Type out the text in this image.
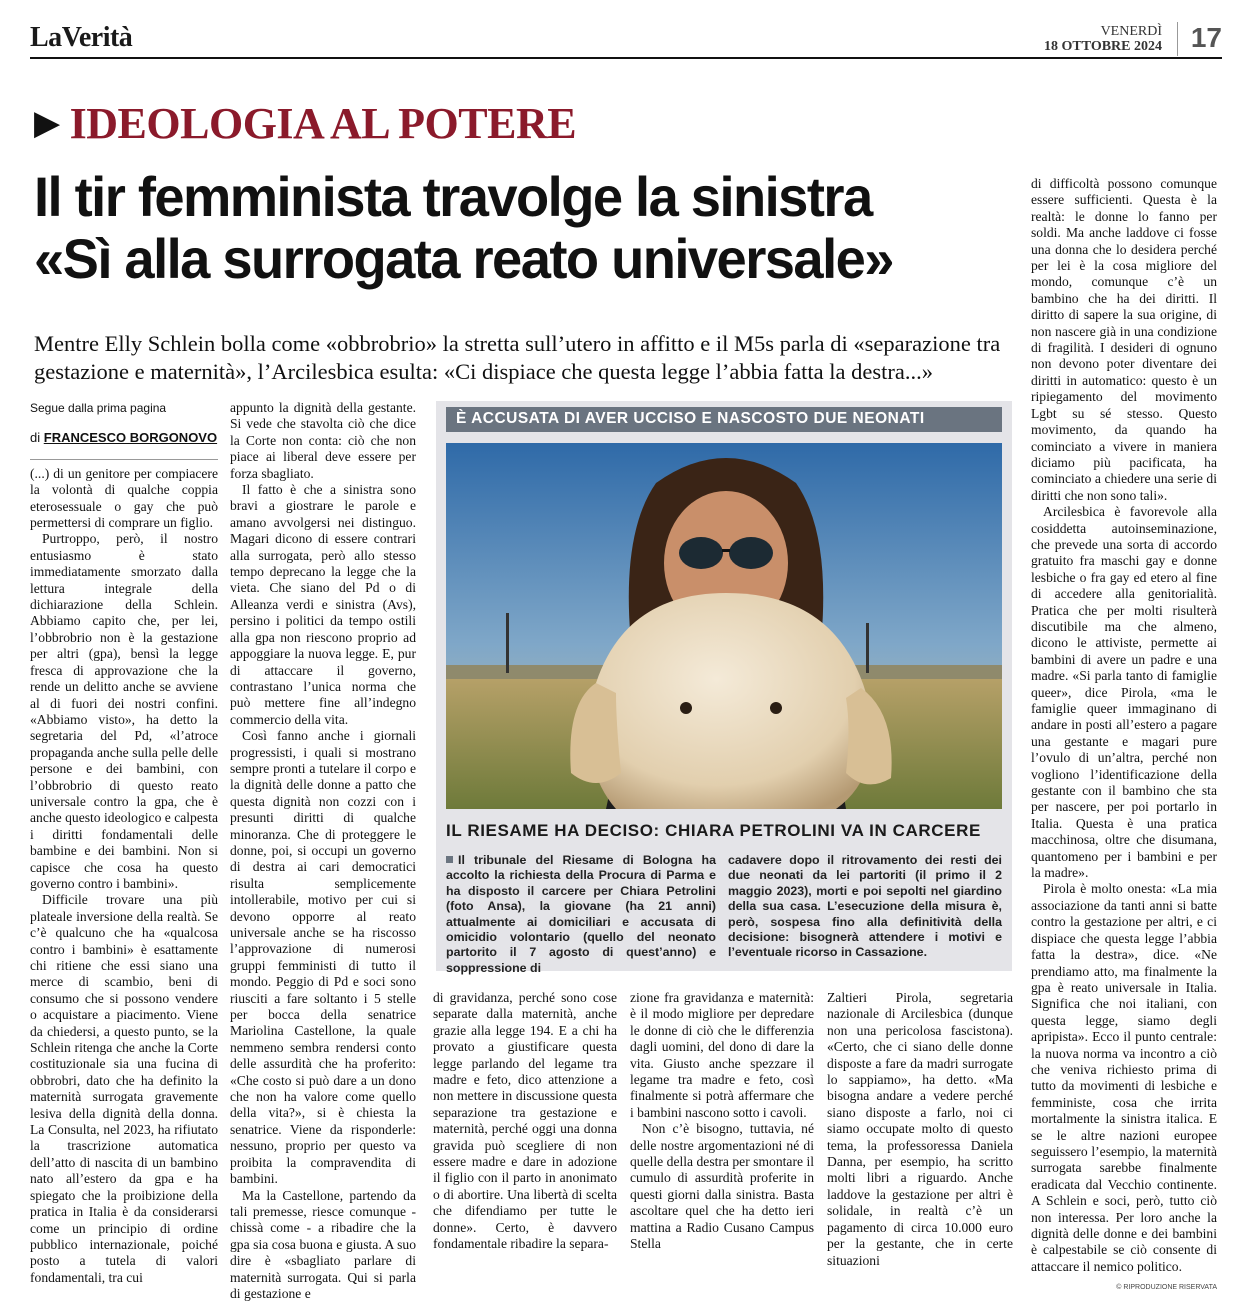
LaVerità	VENERDÌ
18 OTTOBRE 2024 17
▶ IDEOLOGIA AL POTERE
Il tir femminista travolge la sinistra
«Sì alla surrogata reato universale»
Mentre Elly Schlein bolla come «obbrobrio» la stretta sull’utero in affitto e il M5s parla di «separazione tra gestazione e maternità», l’Arcilesbica esulta: «Ci dispiace che questa legge l’abbia fatta la destra...»

Segue dalla prima pagina

di FRANCESCO BORGONOVO

(...) di un genitore per compiacere la volontà di qualche coppia eterosessuale o gay che può permettersi di comprare un figlio.

Purtroppo, però, il nostro entusiasmo è stato immediatamente smorzato dalla lettura integrale della dichiarazione della Schlein. Abbiamo capito che, per lei, l’obbrobrio non è la gestazione per altri (gpa), bensì la legge fresca di approvazione che la rende un delitto anche se avviene al di fuori dei nostri confini. «Abbiamo visto», ha detto la segretaria del Pd, «l’atroce propaganda anche sulla pelle delle persone e dei bambini, con l’obbrobrio di questo reato universale contro la gpa, che è anche questo ideologico e calpesta i diritti fondamentali delle bambine e dei bambini. Non si capisce che cosa ha questo governo contro i bambini».

Difficile trovare una più plateale inversione della realtà. Se c’è qualcuno che ha «qualcosa contro i bambini» è esattamente chi ritiene che essi siano una merce di scambio, beni di consumo che si possono vendere o acquistare a piacimento. Viene da chiedersi, a questo punto, se la Schlein ritenga che anche la Corte costituzionale sia una fucina di obbrobri, dato che ha definito la maternità surrogata gravemente lesiva della dignità della donna. La Consulta, nel 2023, ha rifiutato la trascrizione automatica dell’atto di nascita di un bambino nato all’estero da gpa e ha spiegato che la proibizione della pratica in Italia è da considerarsi come un principio di ordine pubblico internazionale, poiché posto a tutela di valori fondamentali, tra cui

appunto la dignità della gestante. Si vede che stavolta ciò che dice la Corte non conta: ciò che non piace ai liberal deve essere per forza sbagliato.

Il fatto è che a sinistra sono bravi a giostrare le parole e amano avvolgersi nei distinguo. Magari dicono di essere contrari alla surrogata, però allo stesso tempo deprecano la legge che la vieta. Che siano del Pd o di Alleanza verdi e sinistra (Avs), persino i politici da tempo ostili alla gpa non riescono proprio ad appoggiare la nuova legge. E, pur di attaccare il governo, contrastano l’unica norma che può mettere fine all’indegno commercio della vita.

Così fanno anche i giornali progressisti, i quali si mostrano sempre pronti a tutelare il corpo e la dignità delle donne a patto che questa dignità non cozzi con i presunti diritti di qualche minoranza. Che di proteggere le donne, poi, si occupi un governo di destra ai cari democratici risulta semplicemente intollerabile, motivo per cui si devono opporre al reato universale anche se ha riscosso l’approvazione di numerosi gruppi femministi di tutto il mondo. Peggio di Pd e soci sono riusciti a fare soltanto i 5 stelle per bocca della senatrice Mariolina Castellone, la quale nemmeno sembra rendersi conto delle assurdità che ha proferito: «Che costo si può dare a un dono che non ha valore come quello della vita?», si è chiesta la senatrice. Viene da risponderle: nessuno, proprio per questo va proibita la compravendita di bambini.

Ma la Castellone, partendo da tali premesse, riesce comunque - chissà come - a ribadire che la gpa sia cosa buona e giusta. A suo dire è «sbagliato parlare di maternità surrogata. Qui si parla di gestazione e

È ACCUSATA DI AVER UCCISO E NASCOSTO DUE NEONATI
IL RIESAME HA DECISO: CHIARA PETROLINI VA IN CARCERE
Il tribunale del Riesame di Bologna ha accolto la richiesta della Procura di Parma e ha disposto il carcere per Chiara Petrolini (foto Ansa), la giovane (ha 21 anni) attualmente ai domiciliari e accusata di omicidio volontario (quello del neonato partorito il 7 agosto di quest’anno) e soppressione di
cadavere dopo il ritrovamento dei resti dei due neonati da lei partoriti (il primo il 2 maggio 2023), morti e poi sepolti nel giardino della sua casa. L’esecuzione della misura è, però, sospesa fino alla definitività della decisione: bisognerà attendere i motivi e l’eventuale ricorso in Cassazione.

di gravidanza, perché sono cose separate dalla maternità, anche grazie alla legge 194. E a chi ha provato a giustificare questa legge parlando del legame tra madre e feto, dico attenzione a non mettere in discussione questa separazione tra gestazione e maternità, perché oggi una donna gravida può scegliere di non essere madre e dare in adozione il figlio con il parto in anonimato o di abortire. Una libertà di scelta che difendiamo per tutte le donne». Certo, è davvero fondamentale ribadire la separa-

zione fra gravidanza e maternità: è il modo migliore per depredare le donne di ciò che le differenzia dagli uomini, del dono di dare la vita. Giusto anche spezzare il legame tra madre e feto, così finalmente si potrà affermare che i bambini nascono sotto i cavoli.

Non c’è bisogno, tuttavia, né delle nostre argomentazioni né di quelle della destra per smontare il cumulo di assurdità proferite in questi giorni dalla sinistra. Basta ascoltare quel che ha detto ieri mattina a Radio Cusano Campus Stella

Zaltieri Pirola, segretaria nazionale di Arcilesbica (dunque non una pericolosa fascistona). «Certo, che ci siano delle donne disposte a fare da madri surrogate lo sappiamo», ha detto. «Ma bisogna andare a vedere perché siano disposte a farlo, noi ci siamo occupate molto di questo tema, la professoressa Daniela Danna, per esempio, ha scritto molti libri a riguardo. Anche laddove la gestazione per altri è solidale, in realtà c’è un pagamento di circa 10.000 euro per la gestante, che in certe situazioni

di difficoltà possono comunque essere sufficienti. Questa è la realtà: le donne lo fanno per soldi. Ma anche laddove ci fosse una donna che lo desidera perché per lei è la cosa migliore del mondo, comunque c’è un bambino che ha dei diritti. Il diritto di sapere la sua origine, di non nascere già in una condizione di fragilità. I desideri di ognuno non devono poter diventare dei diritti in automatico: questo è un ripiegamento del movimento Lgbt su sé stesso. Questo movimento, da quando ha cominciato a vivere in maniera diciamo più pacificata, ha cominciato a chiedere una serie di diritti che non sono tali».

Arcilesbica è favorevole alla cosiddetta autoinseminazione, che prevede una sorta di accordo gratuito fra maschi gay e donne lesbiche o fra gay ed etero al fine di accedere alla genitorialità. Pratica che per molti risulterà discutibile ma che almeno, dicono le attiviste, permette ai bambini di avere un padre e una madre. «Si parla tanto di famiglie queer», dice Pirola, «ma le famiglie queer immaginano di andare in posti all’estero a pagare una gestante e magari pure l’ovulo di un’altra, perché non vogliono l’identificazione della gestante con il bambino che sta per nascere, per poi portarlo in Italia. Questa è una pratica macchinosa, oltre che disumana, quantomeno per i bambini e per la madre».

Pirola è molto onesta: «La mia associazione da tanti anni si batte contro la gestazione per altri, e ci dispiace che questa legge l’abbia fatta la destra», dice. «Ne prendiamo atto, ma finalmente la gpa è reato universale in Italia. Significa che noi italiani, con questa legge, siamo degli apripista». Ecco il punto centrale: la nuova norma va incontro a ciò che veniva richiesto prima di tutto da movimenti di lesbiche e femministe, cosa che irrita mortalmente la sinistra italica. E se le altre nazioni europee seguissero l’esempio, la maternità surrogata sarebbe finalmente eradicata dal Vecchio continente. A Schlein e soci, però, tutto ciò non interessa. Per loro anche la dignità delle donne e dei bambini è calpestabile se ciò consente di attaccare il nemico politico.

© RIPRODUZIONE RISERVATA
